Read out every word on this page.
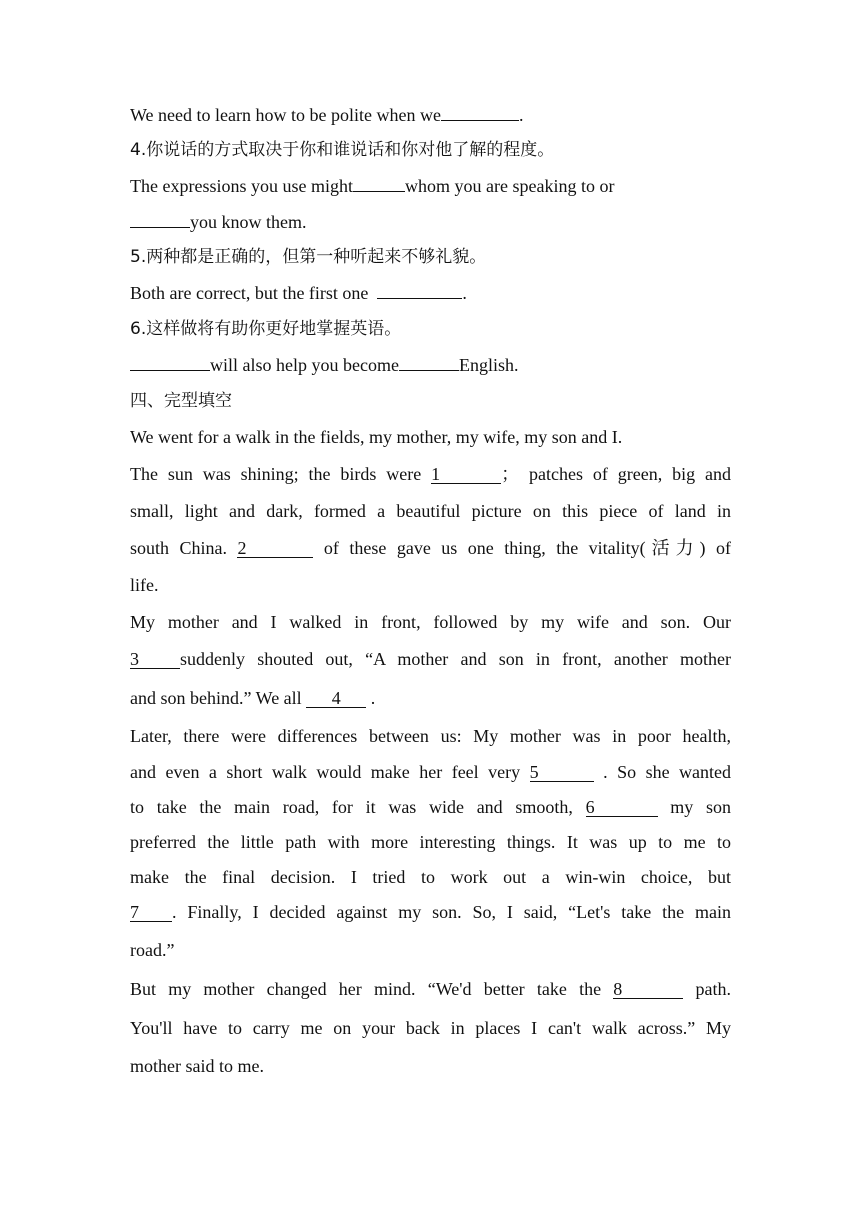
We need to learn how to be polite when we	.
4.你说话的方式取决于你和谁说话和你对他了解的程度。
The expressions you use might	whom you are speaking to or
you know them.
5.两种都是正确的，但第一种听起来不够礼貌。
Both are correct, but the first one	.
6.这样做将有助你更好地掌握英语。
will also help you become	English.
四、完型填空
We went for a walk in the fields, my mother, my wife, my son and I.
The sun was shining; the birds were 1	； patches of green, big and
small, light and dark, formed a beautiful picture on this piece of land in
south China. 2	of these gave us one thing, the vitality(活力) of
life.
My mother and I walked in front, followed by my wife and son. Our
3 suddenly shouted out, “A mother and son in front, another mother
and son behind.” We all 4 .
Later, there were differences between us: My mother was in poor health,
and even a short walk would make her feel very 5	. So she wanted
to take the main road, for it was wide and smooth, 6	my son
preferred the little path with more interesting things. It was up to me to
make the final decision. I tried to work out a win-win choice, but
7 . Finally, I decided against my son. So, I said, “Let's take the main
road.”
But my mother changed her mind. “We'd better take the 8	path.
You'll have to carry me on your back in places I can't walk across.” My
mother said to me.
